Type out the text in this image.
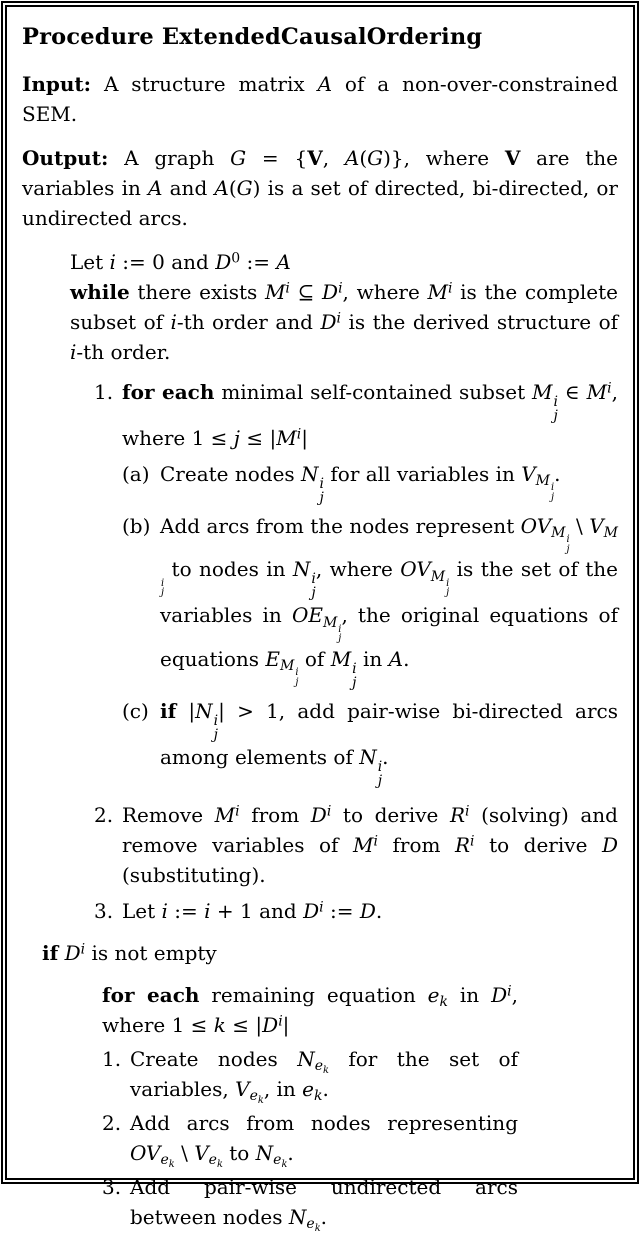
Procedure ExtendedCausalOrdering

Input: A structure matrix A of a non-over-constrained SEM.

Output: A graph G = {V, A(G)}, where V are the variables in A and A(G) is a set of directed, bi-directed, or undirected arcs.

Let i := 0 and $D^0$ := A

while there exists $M^i$ ⊆ $D^i$, where $M^i$ is the complete subset of i-th order and $D^i$ is the derived structure of i-th order.

1. for each minimal self-contained subset M i
j
∈ $M^i$, where $1 \le j \le |M^i|$
(a) Create nodes N i
j
for all variables in $V_{M i j}$
.
(b) Add arcs from the nodes represent $OV_{M i j}$
\ $V_{M i j}$
to nodes in N i
j
, where $OV_{M i j}$
is the set of the variables in $OE_{M i j}$
, the original equations of equations $E_{M i j}$
of M i
j
in A.
(c) if |N i
j
| > 1, add pair-wise bi-directed arcs among elements of N i
j
.
2. Remove $M^i$ from $D^i$ to derive $R^i$ (solving) and remove variables of $M^i$ from $R^i$ to derive D (substituting).
3. Let i := i + 1 and $D^i$ := D.

if $D^i$ is not empty

for each remaining equation $e_k$ in $D^i$, where $1 \le k \le |D^i|$

1. Create nodes $N_{e_k}$ for the set of variables, $V_{e_k}$, in $e_k$.
2. Add arcs from nodes representing $OV_{e_k}$ \ $V_{e_k}$ to $N_{e_k}$.
3. Add pair-wise undirected arcs between nodes $N_{e_k}$.
